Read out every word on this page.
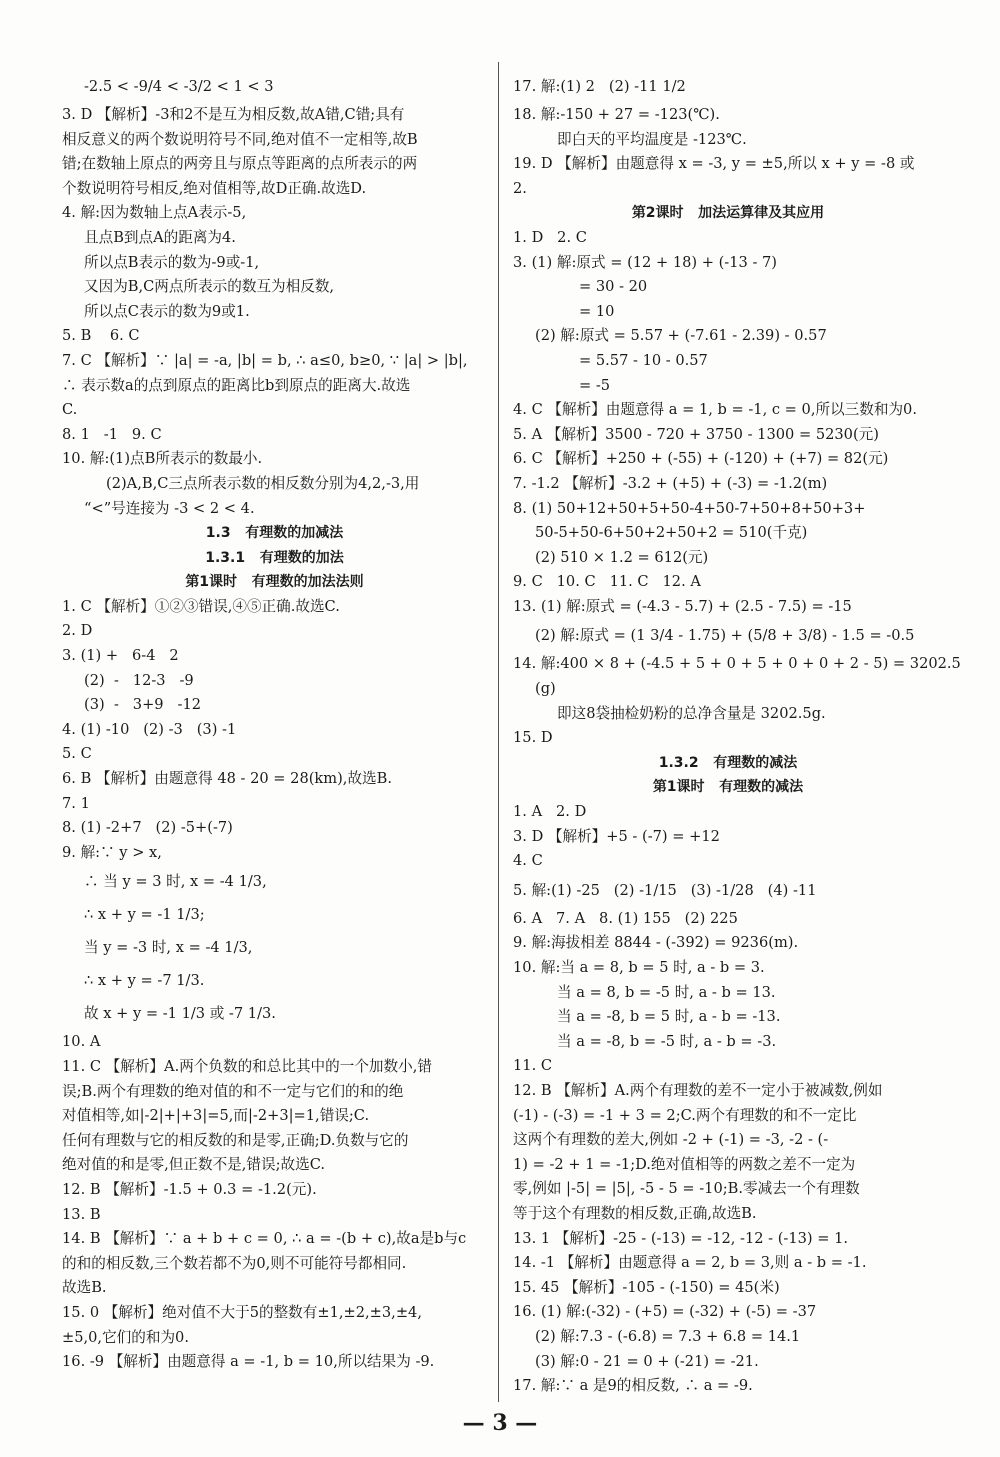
-2.5 < -9/4 < -3/2 < 1 < 3
3. D 【解析】-3和2不是互为相反数,故A错,C错;具有
相反意义的两个数说明符号不同,绝对值不一定相等,故B
错;在数轴上原点的两旁且与原点等距离的点所表示的两
个数说明符号相反,绝对值相等,故D正确.故选D.
4. 解:因为数轴上点A表示-5,
且点B到点A的距离为4.
所以点B表示的数为-9或-1,
又因为B,C两点所表示的数互为相反数,
所以点C表示的数为9或1.
5. B    6. C
7. C 【解析】∵ |a| = -a, |b| = b, ∴ a≤0, b≥0, ∵ |a| > |b|,
∴ 表示数a的点到原点的距离比b到原点的距离大.故选
C.
8. 1   -1   9. C
10. 解:(1)点B所表示的数最小.
(2)A,B,C三点所表示数的相反数分别为4,2,-3,用
“<”号连接为 -3 < 2 < 4.
1.3   有理数的加减法
1.3.1   有理数的加法
第1课时   有理数的加法法则
1. C 【解析】①②③错误,④⑤正确.故选C.
2. D
3. (1) +   6-4   2
(2)  -   12-3   -9
(3)  -   3+9   -12
4. (1) -10   (2) -3   (3) -1
5. C
6. B 【解析】由题意得 48 - 20 = 28(km),故选B.
7. 1
8. (1) -2+7   (2) -5+(-7)
9. 解:∵ y > x,
∴ 当 y = 3 时, x = -4 1/3,
∴ x + y = -1 1/3;
当 y = -3 时, x = -4 1/3,
∴ x + y = -7 1/3.
故 x + y = -1 1/3 或 -7 1/3.
10. A
11. C 【解析】A.两个负数的和总比其中的一个加数小,错
误;B.两个有理数的绝对值的和不一定与它们的和的绝
对值相等,如|-2|+|+3|=5,而|-2+3|=1,错误;C.
任何有理数与它的相反数的和是零,正确;D.负数与它的
绝对值的和是零,但正数不是,错误;故选C.
12. B 【解析】-1.5 + 0.3 = -1.2(元).
13. B
14. B 【解析】∵ a + b + c = 0, ∴ a = -(b + c),故a是b与c
的和的相反数,三个数若都不为0,则不可能符号都相同.
故选B.
15. 0 【解析】绝对值不大于5的整数有±1,±2,±3,±4,
±5,0,它们的和为0.
16. -9 【解析】由题意得 a = -1, b = 10,所以结果为 -9.
17. 解:(1) 2   (2) -11 1/2
18. 解:-150 + 27 = -123(℃).
即白天的平均温度是 -123℃.
19. D 【解析】由题意得 x = -3, y = ±5,所以 x + y = -8 或
2.
第2课时   加法运算律及其应用
1. D   2. C
3. (1) 解:原式 = (12 + 18) + (-13 - 7)
= 30 - 20
= 10
(2) 解:原式 = 5.57 + (-7.61 - 2.39) - 0.57
= 5.57 - 10 - 0.57
= -5
4. C 【解析】由题意得 a = 1, b = -1, c = 0,所以三数和为0.
5. A 【解析】3500 - 720 + 3750 - 1300 = 5230(元)
6. C 【解析】+250 + (-55) + (-120) + (+7) = 82(元)
7. -1.2 【解析】-3.2 + (+5) + (-3) = -1.2(m)
8. (1) 50+12+50+5+50-4+50-7+50+8+50+3+
50-5+50-6+50+2+50+2 = 510(千克)
(2) 510 × 1.2 = 612(元)
9. C   10. C   11. C   12. A
13. (1) 解:原式 = (-4.3 - 5.7) + (2.5 - 7.5) = -15
(2) 解:原式 = (1 3/4 - 1.75) + (5/8 + 3/8) - 1.5 = -0.5
14. 解:400 × 8 + (-4.5 + 5 + 0 + 5 + 0 + 0 + 2 - 5) = 3202.5
(g)
即这8袋抽检奶粉的总净含量是 3202.5g.
15. D
1.3.2   有理数的减法
第1课时   有理数的减法
1. A   2. D
3. D 【解析】+5 - (-7) = +12
4. C
5. 解:(1) -25   (2) -1/15   (3) -1/28   (4) -11
6. A   7. A   8. (1) 155   (2) 225
9. 解:海拔相差 8844 - (-392) = 9236(m).
10. 解:当 a = 8, b = 5 时, a - b = 3.
当 a = 8, b = -5 时, a - b = 13.
当 a = -8, b = 5 时, a - b = -13.
当 a = -8, b = -5 时, a - b = -3.
11. C
12. B 【解析】A.两个有理数的差不一定小于被减数,例如
(-1) - (-3) = -1 + 3 = 2;C.两个有理数的和不一定比
这两个有理数的差大,例如 -2 + (-1) = -3, -2 - (-
1) = -2 + 1 = -1;D.绝对值相等的两数之差不一定为
零,例如 |-5| = |5|, -5 - 5 = -10;B.零减去一个有理数
等于这个有理数的相反数,正确,故选B.
13. 1 【解析】-25 - (-13) = -12, -12 - (-13) = 1.
14. -1 【解析】由题意得 a = 2, b = 3,则 a - b = -1.
15. 45 【解析】-105 - (-150) = 45(米)
16. (1) 解:(-32) - (+5) = (-32) + (-5) = -37
(2) 解:7.3 - (-6.8) = 7.3 + 6.8 = 14.1
(3) 解:0 - 21 = 0 + (-21) = -21.
17. 解:∵ a 是9的相反数, ∴ a = -9.
— 3 —
